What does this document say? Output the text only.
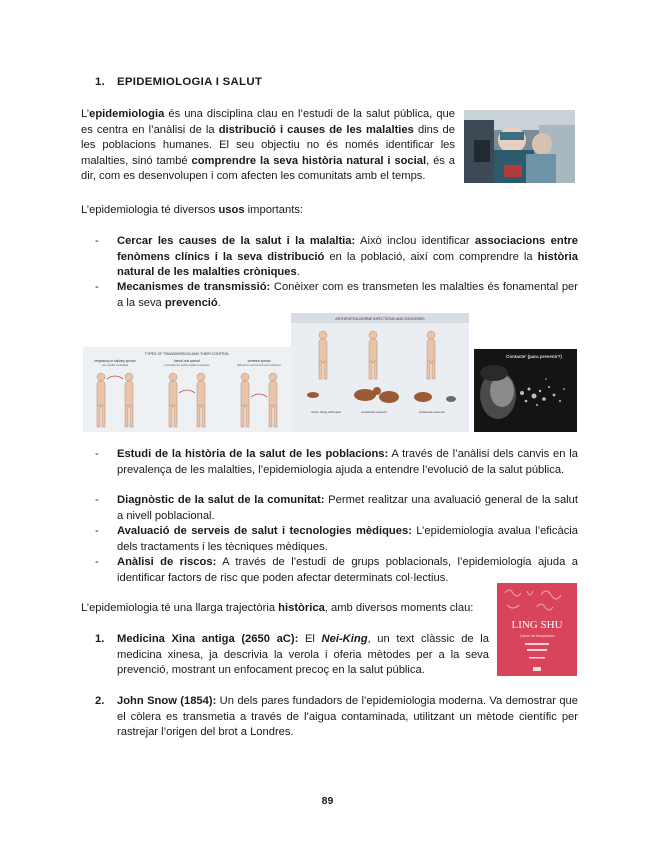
1. EPIDEMIOLOGIA I SALUT
L’epidemiologia és una disciplina clau en l’estudi de la salut pública, que es centra en l’anàlisi de la distribució i causes de les malalties dins de les poblacions humanes. El seu objectiu no és només identificar les malalties, sinó també comprendre la seva història natural i social, és a dir, com es desenvolupen i com afecten les comunitats amb el temps.
L’epidemiologia té diversos usos importants:
- Cercar les causes de la salut i la malaltia: Això inclou identificar associacions entre fenòmens clínics i la seva distribució en la població, així com comprendre la història natural de les malalties cròniques.
- Mecanismes de transmissió: Conèixer com es transmeten les malalties és fonamental per a la seva prevenció.
TYPES OF TRANSMISSION AND THEIR CONTROL
respiratory or salivary spread	faecal-oral spread	venereal spread
can readily controlled	controlled by public health measures	difficult to control as host behaviour
ARTHROPOD-BORNE INFECTIONS AND ZOONOSES
vector biting arthropod	vertebrate reservoir	vertebrate reservoir
Contacte' (para prevenir?)
- Estudi de la història de la salut de les poblacions: A través de l’anàlisi dels canvis en la prevalença de les malalties, l’epidemiologia ajuda a entendre l’evolució de la salut pública.
- Diagnòstic de la salut de la comunitat: Permet realitzar una avaluació general de la salut a nivell poblacional.
- Avaluació de serveis de salut i tecnologies mèdiques: L’epidemiologia avalua l’eficàcia dels tractaments i les tècniques mèdiques.
- Anàlisi de riscos: A través de l’estudi de grups poblacionals, l’epidemiologia ajuda a identificar factors de risc que poden afectar determinats col·lectius.
L’epidemiologia té una llarga trajectòria històrica, amb diversos moments clau:
LING SHU
Canon de Acupuntura
1. Medicina Xina antiga (2650 aC): El Nei-King, un text clàssic de la medicina xinesa, ja descrivia la verola i oferia mètodes per a la seva prevenció, mostrant un enfocament precoç en la salut pública.
2. John Snow (1854): Un dels pares fundadors de l’epidemiologia moderna. Va demostrar que el còlera es transmetia a través de l’aigua contaminada, utilitzant un mètode científic per rastrejar l’origen del brot a Londres.
89
